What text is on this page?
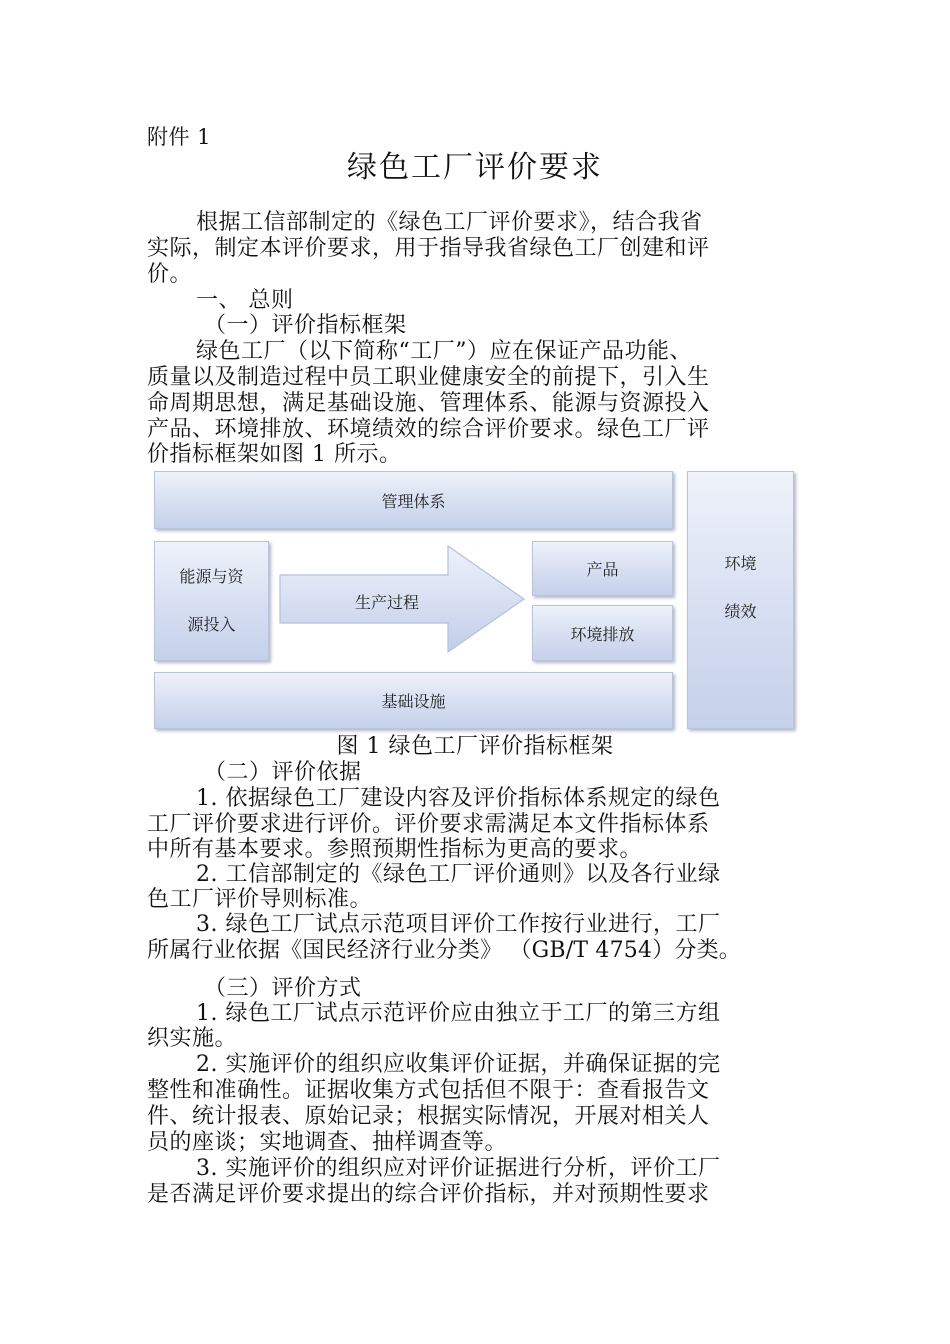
附件 1
绿色工厂评价要求
根据工信部制定的《绿色工厂评价要求》，结合我省
实际，制定本评价要求，用于指导我省绿色工厂创建和评
价。
一、 总则
（一）评价指标框架
绿色工厂（以下简称“工厂”）应在保证产品功能、
质量以及制造过程中员工职业健康安全的前提下，引入生
命周期思想，满足基础设施、管理体系、能源与资源投入
产品、环境排放、环境绩效的综合评价要求。绿色工厂评
价指标框架如图 1 所示。
管理体系
能源与资
源投入
生产过程
产品
环境排放
基础设施
环境
绩效
图 1 绿色工厂评价指标框架
（二）评价依据
1. 依据绿色工厂建设内容及评价指标体系规定的绿色
工厂评价要求进行评价。评价要求需满足本文件指标体系
中所有基本要求。参照预期性指标为更高的要求。
2. 工信部制定的《绿色工厂评价通则》以及各行业绿
色工厂评价导则标准。
3. 绿色工厂试点示范项目评价工作按行业进行，工厂
所属行业依据《国民经济行业分类》 （GB/T 4754）分类。
（三）评价方式
1. 绿色工厂试点示范评价应由独立于工厂的第三方组
织实施。
2. 实施评价的组织应收集评价证据，并确保证据的完
整性和准确性。证据收集方式包括但不限于：查看报告文
件、统计报表、原始记录；根据实际情况，开展对相关人
员的座谈；实地调查、抽样调查等。
3. 实施评价的组织应对评价证据进行分析，评价工厂
是否满足评价要求提出的综合评价指标，并对预期性要求
